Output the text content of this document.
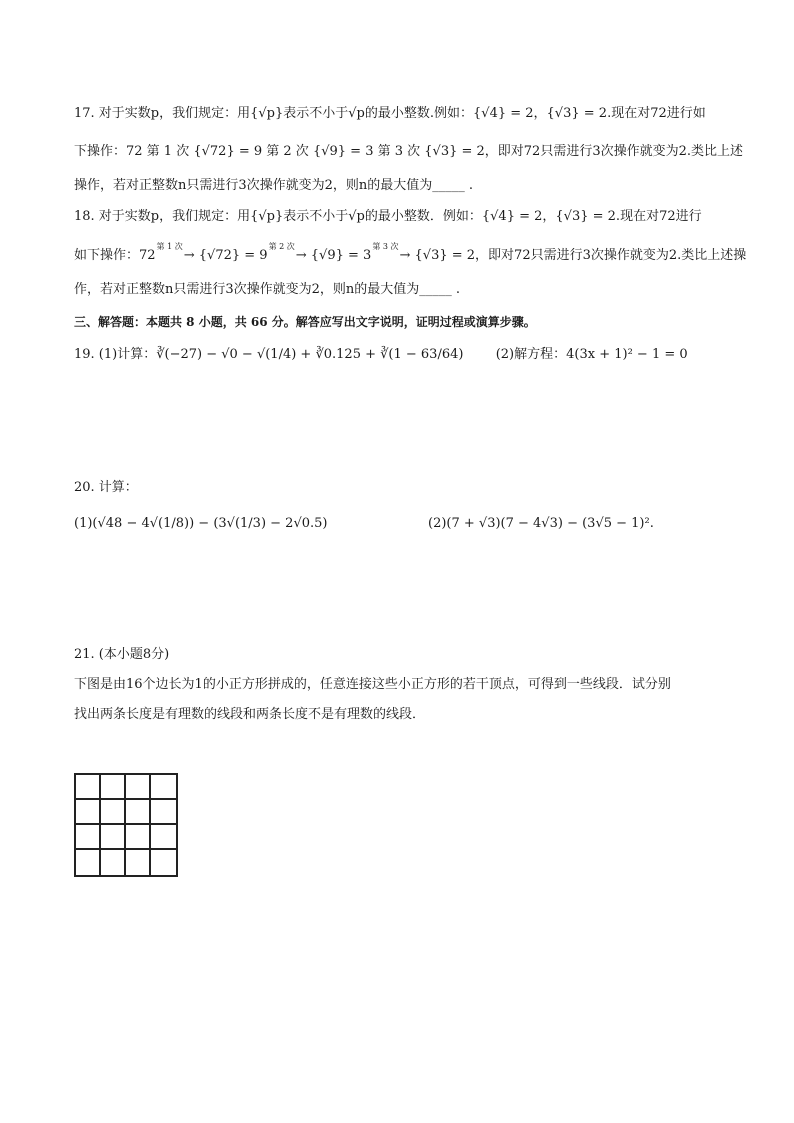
17. 对于实数p，我们规定：用{√p}表示不小于√p的最小整数.例如：{√4} = 2，{√3} = 2.现在对72进行如
下操作：72 第 1 次 {√72} = 9 第 2 次 {√9} = 3 第 3 次 {√3} = 2，即对72只需进行3次操作就变为2.类比上述
操作，若对正整数n只需进行3次操作就变为2，则n的最大值为_____ .
18. 对于实数p，我们规定：用{√p}表示不小于√p的最小整数．例如：{√4} = 2，{√3} = 2.现在对72进行
如下操作：72第 1 次→ {√72} = 9第 2 次→ {√9} = 3第 3 次→ {√3} = 2，即对72只需进行3次操作就变为2.类比上述操
作，若对正整数n只需进行3次操作就变为2，则n的最大值为_____ .
三、解答题：本题共 8 小题，共 66 分。解答应写出文字说明，证明过程或演算步骤。
19. (1)计算：∛(−27) − √0 − √(1/4) + ∛0.125 + ∛(1 − 63/64) (2)解方程：4(3x + 1)² − 1 = 0
20. 计算：
(1)(√48 − 4√(1/8)) − (3√(1/3) − 2√0.5)	(2)(7 + √3)(7 − 4√3) − (3√5 − 1)².
21. (本小题8分)
下图是由16个边长为1的小正方形拼成的，任意连接这些小正方形的若干顶点，可得到一些线段．试分别
找出两条长度是有理数的线段和两条长度不是有理数的线段．
